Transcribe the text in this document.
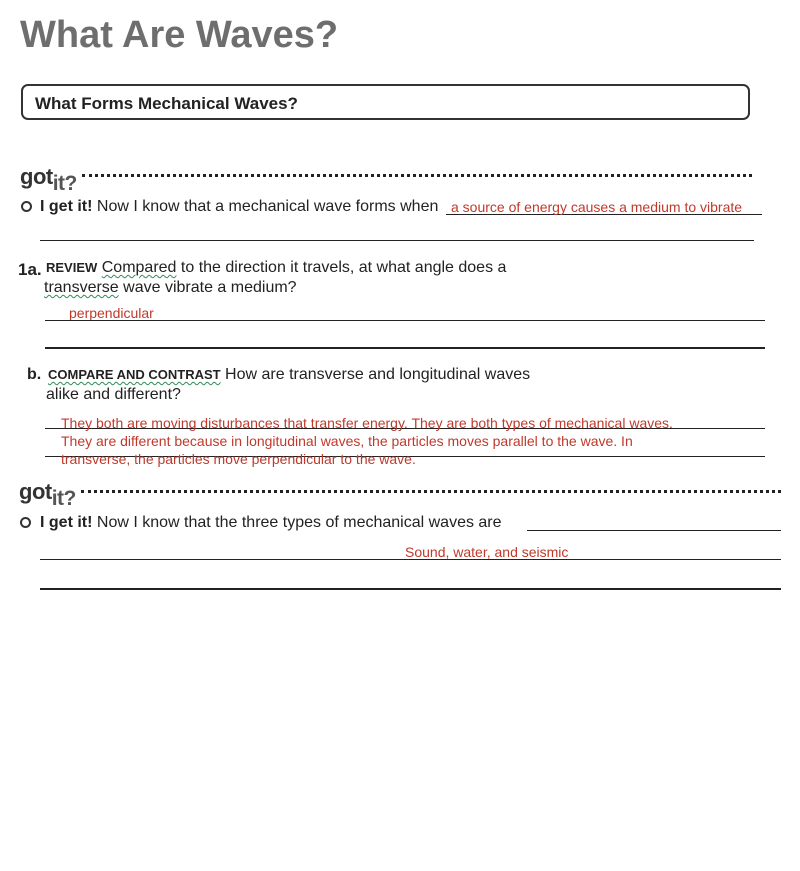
What Are Waves?
What Forms Mechanical Waves?
gotit?
I get it! Now I know that a mechanical wave forms when a source of energy causes a medium to vibrate
1a. REVIEW Compared to the direction it travels, at what angle does a
transverse wave vibrate a medium?
perpendicular
b. COMPARE AND CONTRAST How are transverse and longitudinal waves
alike and different?
They both are moving disturbances that transfer energy. They are both types of mechanical waves.
They are different because in longitudinal waves, the particles moves parallel to the wave. In
transverse, the particles move perpendicular to the wave.
gotit?
I get it! Now I know that the three types of mechanical waves are
Sound, water, and seismic
